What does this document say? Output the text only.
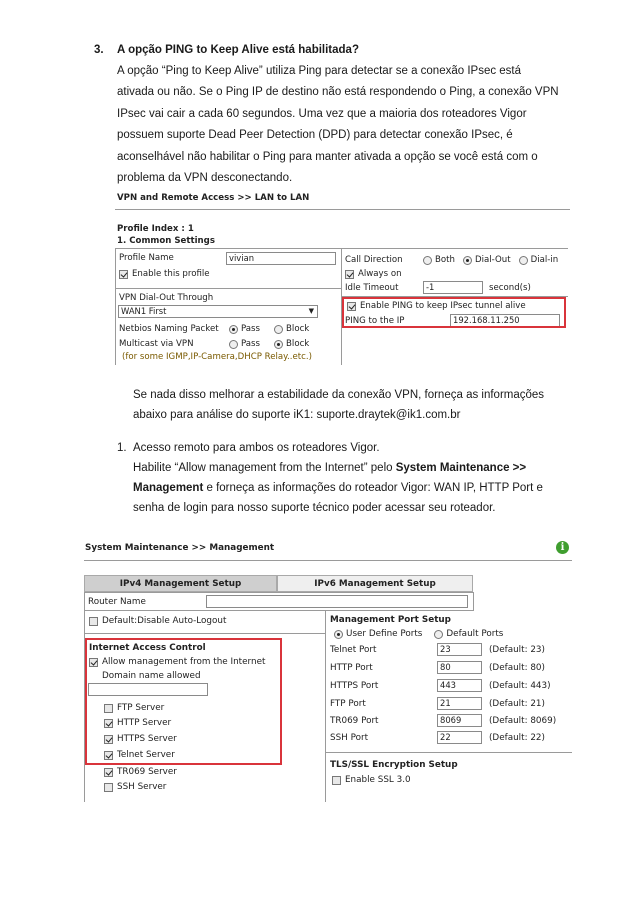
3. A opção PING to Keep Alive está habilitada?
A opção “Ping to Keep Alive” utiliza Ping para detectar se a conexão IPsec está
ativada ou não. Se o Ping IP de destino não está respondendo o Ping, a conexão VPN
IPsec vai cair a cada 60 segundos. Uma vez que a maioria dos roteadores Vigor
possuem suporte Dead Peer Detection (DPD) para detectar conexão IPsec, é
aconselhável não habilitar o Ping para manter ativada a opção se você está com o
problema da VPN desconectando.
VPN and Remote Access >> LAN to LAN
Profile Index : 1
1. Common Settings
Profile Name	vivian
Enable this profile
VPN Dial-Out Through
WAN1 First	▼
Netbios Naming Packet	Pass	Block
Multicast via VPN	Pass	Block
(for some IGMP,IP-Camera,DHCP Relay..etc.)
Call Direction	Both Dial-Out Dial-in
Always on
Idle Timeout	-1	second(s)
Enable PING to keep IPsec tunnel alive
PING to the IP	192.168.11.250
Se nada disso melhorar a estabilidade da conexão VPN, forneça as informações
abaixo para análise do suporte iK1: suporte.draytek@ik1.com.br
1. Acesso remoto para ambos os roteadores Vigor.
Habilite “Allow management from the Internet” pelo System Maintenance >>
Management e forneça as informações do roteador Vigor: WAN IP, HTTP Port e
senha de login para nosso suporte técnico poder acessar seu roteador.
System Maintenance >> Management	i
IPv4 Management Setup	IPv6 Management Setup
Router Name
Default:Disable Auto-Logout
Internet Access Control
Allow management from the Internet
Domain name allowed
FTP Server
HTTP Server
HTTPS Server
Telnet Server
TR069 Server
SSH Server
Management Port Setup
User Define Ports	Default Ports
Telnet Port	23	(Default: 23)
HTTP Port	80	(Default: 80)
HTTPS Port	443	(Default: 443)
FTP Port	21	(Default: 21)
TR069 Port	8069	(Default: 8069)
SSH Port	22	(Default: 22)
TLS/SSL Encryption Setup
Enable SSL 3.0
